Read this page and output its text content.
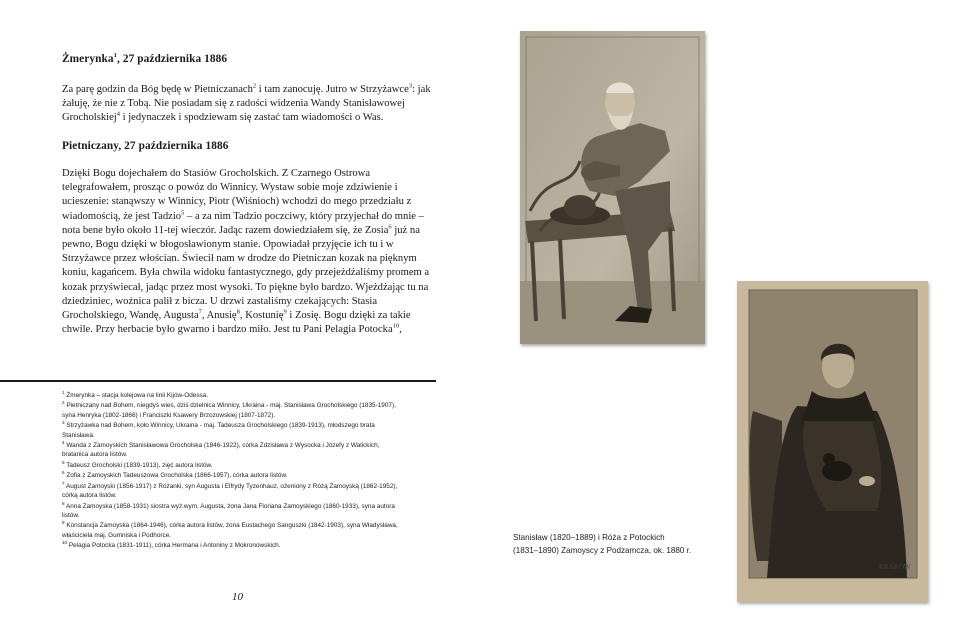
Żmerynka$^1$, 27 października 1886

Za parę godzin da Bóg będę w Pietniczanach$^2$ i tam zanocuję. Jutro w Strzyżawce$^3$: jak żałuję, że nie z Tobą. Nie posiadam się z radości widzenia Wandy Stanisławowej Grocholskiej$^4$ i jedynaczek i spodziewam się zastać tam wiadomości o Was.

Pietniczany, 27 października 1886

Dzięki Bogu dojechałem do Stasiów Grocholskich. Z Czarnego Ostrowa telegrafowałem, prosząc o powóz do Winnicy. Wystaw sobie moje zdziwienie i ucieszenie: stanąwszy w Winnicy, Piotr (Wiśnioch) wchodzi do mego przedziału z wiadomością, że jest Tadzio$^5$ – a za nim Tadzio poczciwy, który przyjechał do mnie – nota bene było około 11-tej wieczór. Jadąc razem dowiedziałem się, że Zosia$^6$ już na pewno, Bogu dzięki w błogosławionym stanie. Opowiadał przyjęcie ich tu i w Strzyżawce przez włościan. Świecił nam w drodze do Pietniczan kozak na pięknym koniu, kagańcem. Była chwila widoku fantastycznego, gdy przejeżdżaliśmy promem a kozak przyświecał, jadąc przez most wysoki. To piękne było bardzo. Wjeżdżając tu na dziedziniec, woźnica palił z bicza. U drzwi zastaliśmy czekających: Stasia Grocholskiego, Wandę, Augusta$^7$, Anusię$^8$, Kostunię$^9$ i Zosię. Bogu dzięki za takie chwile. Przy herbacie było gwarno i bardzo miło. Jest tu Pani Pelagia Potocka$^{10}$,

$^1$ Żmerynka – stacja kolejowa na linii Kijów-Odessa.
$^2$ Pietniczany nad Bohem, niegdyś wieś, dziś dzielnica Winnicy, Ukraina - maj. Stanisława Grocholskiego (1835-1907), syna Henryka (1802-1866) i Franciszki Ksawery Brzozowskiej (1807-1872).
$^3$ Strzyżawka nad Bohem, koło Winnicy, Ukraina - maj. Tadeusza Grocholskiego (1839-1913), młodszego brata Stanisława.
$^4$ Wanda z Zamoyskich Stanisławowa Grocholska (1846-1922), córka Zdzisława z Wysocka i Józefy z Walickich, bratanica autora listów.
$^5$ Tadeusz Grocholski (1839-1913), zięć autora listów.
$^6$ Zofia z Zamoyskich Tadeuszowa Grocholska (1866-1957), córka autora listów.
$^7$ August Zamoyski (1856-1917) z Różanki, syn Augusta i Elfrydy Tyzenhauz, ożeniony z Różą Zamoyską (1862-1952), córką autora listów.
$^8$ Anna Zamoyska (1858-1931) siostra wyż.wym. Augusta, żona Jana Floriana Zamoyskiego (1860-1933), syna autora listów.
$^9$ Konstancja Zamoyska (1864-1946), córka autora listów, żona Eustachego Sanguszki (1842-1903), syna Władysława, właściciela maj. Gumniska i Podhorce.
$^{10}$ Pelagia Potocka (1831-1911), córka Hermana i Antoniny z Mokronowskich.
10
KRAKÓW
Stanisław (1820–1889) i Róża z Potockich
(1831–1890) Zamoyscy z Podzamcza, ok. 1880 r.
